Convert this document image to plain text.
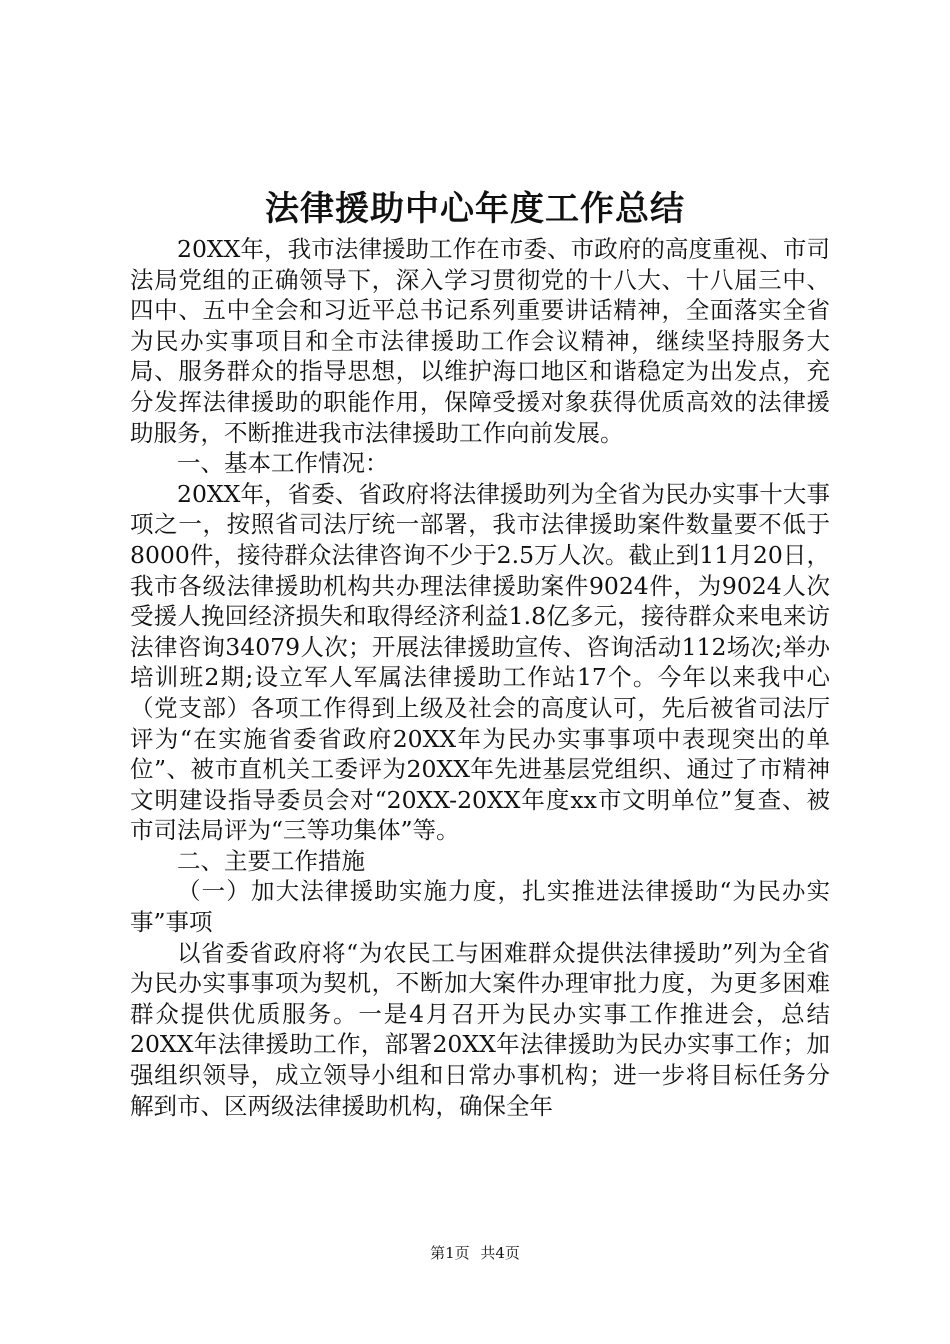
法律援助中心年度工作总结

20XX年，我市法律援助工作在市委、市政府的高度重视、市司法局党组的正确领导下，深入学习贯彻党的十八大、十八届三中、四中、五中全会和习近平总书记系列重要讲话精神，全面落实全省为民办实事项目和全市法律援助工作会议精神，继续坚持服务大局、服务群众的指导思想，以维护海口地区和谐稳定为出发点，充分发挥法律援助的职能作用，保障受援对象获得优质高效的法律援助服务，不断推进我市法律援助工作向前发展。

一、基本工作情况：

20XX年，省委、省政府将法律援助列为全省为民办实事十大事项之一，按照省司法厅统一部署，我市法律援助案件数量要不低于8000件，接待群众法律咨询不少于2.5万人次。截止到11月20日，我市各级法律援助机构共办理法律援助案件9024件，为9024人次受援人挽回经济损失和取得经济利益1.8亿多元，接待群众来电来访法律咨询34079人次；开展法律援助宣传、咨询活动112场次;举办培训班2期;设立军人军属法律援助工作站17个。今年以来我中心（党支部）各项工作得到上级及社会的高度认可，先后被省司法厅评为“在实施省委省政府20XX年为民办实事事项中表现突出的单位”、被市直机关工委评为20XX年先进基层党组织、通过了市精神文明建设指导委员会对“20XX-20XX年度xx市文明单位”复查、被市司法局评为“三等功集体”等。

二、主要工作措施

（一）加大法律援助实施力度，扎实推进法律援助“为民办实事”事项

以省委省政府将“为农民工与困难群众提供法律援助”列为全省为民办实事事项为契机，不断加大案件办理审批力度，为更多困难群众提供优质服务。一是4月召开为民办实事工作推进会，总结20XX年法律援助工作，部署20XX年法律援助为民办实事工作；加强组织领导，成立领导小组和日常办事机构；进一步将目标任务分解到市、区两级法律援助机构，确保全年

第1页 共4页
